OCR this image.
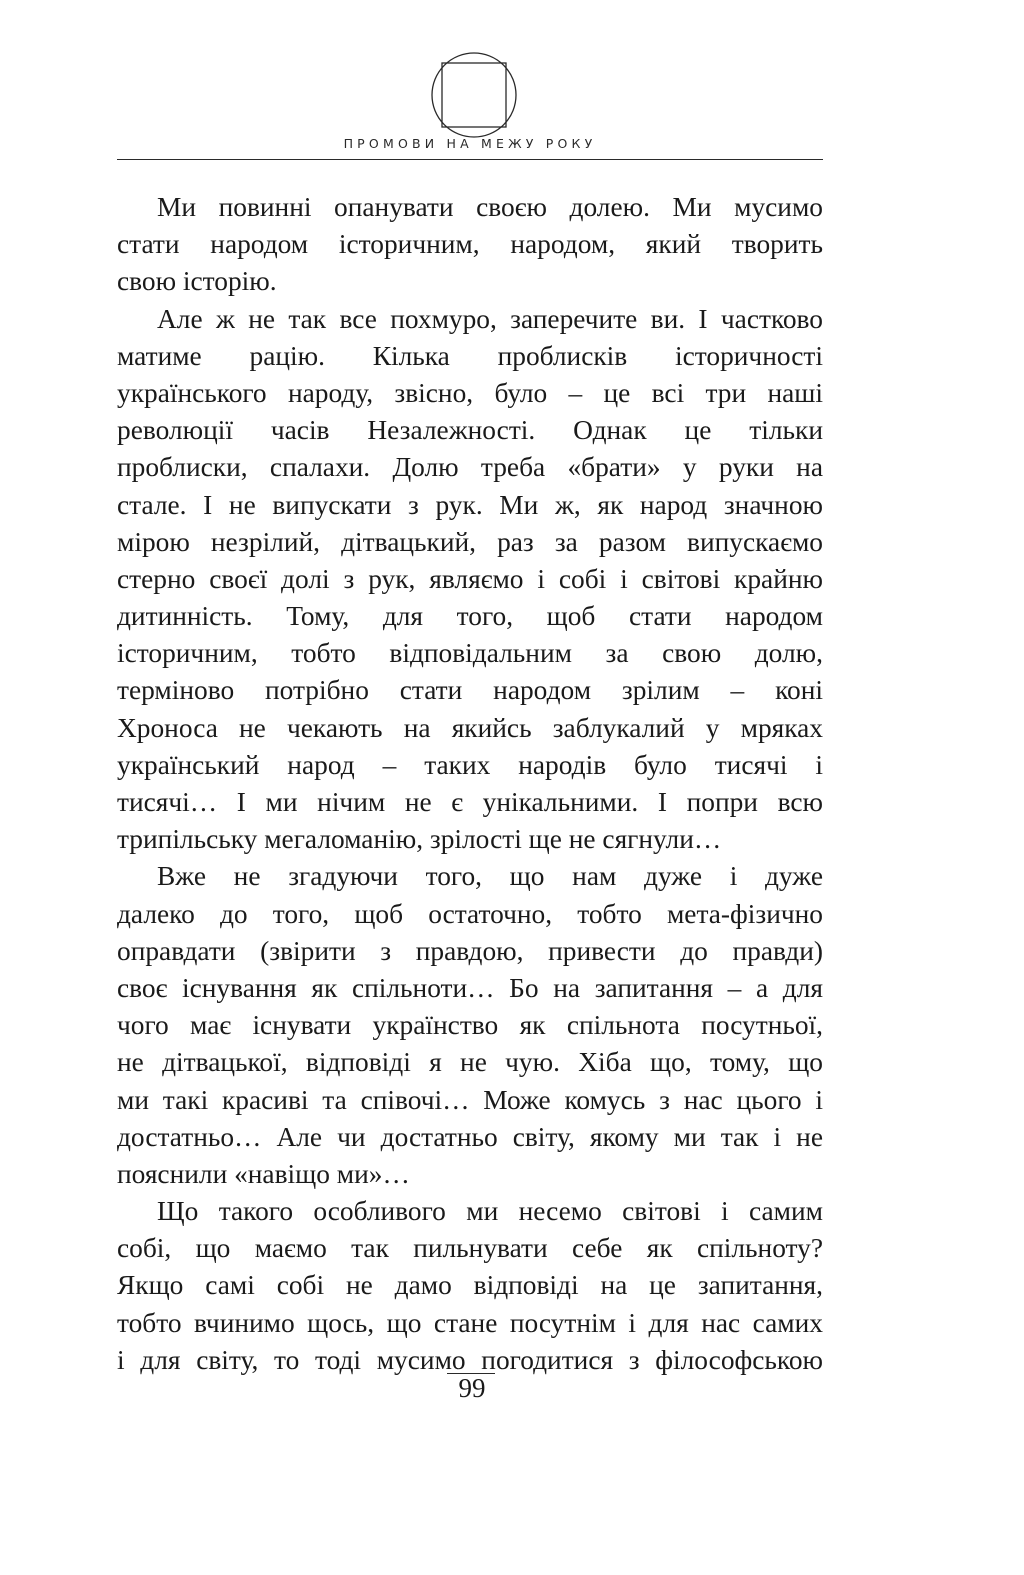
ПРОМОВИ НА МЕЖУ РОКУ
Ми повинні опанувати своєю долею. Ми мусимо
стати народом історичним, народом, який творить
свою історію.
Але ж не так все похмуро, заперечите ви. І частково
матиме рацію. Кілька проблисків історичності
українського народу, звісно, було – це всі три наші
революції часів Незалежності. Однак це тільки
проблиски, спалахи. Долю треба «брати» у руки на
сталe. І не випускати з рук. Ми ж, як народ значною
мірою незрілий, дітвацький, раз за разом випускаємо
стерно своєї долі з рук, являємо і собі і світові крайню
дитинність. Тому, для того, щоб стати народом
історичним, тобто відповідальним за свою долю,
терміново потрібно стати народом зрілим – коні
Хроноса не чекають на якийсь заблукалий у мряках
український народ – таких народів було тисячі і
тисячі… І ми нічим не є унікальними. І попри всю
трипільську мегаломанію, зрілості ще не сягнули…
Вже не згадуючи того, що нам дуже і дуже
далеко до того, щоб остаточно, тобто мета-фізично
оправдати (звірити з правдою, привести до правди)
своє існування як спільноти… Бо на запитання – а для
чого має існувати українство як спільнота посутньої,
не дітвацької, відповіді я не чую. Хіба що, тому, що
ми такі красиві та співочі… Може комусь з нас цього і
достатньо… Але чи достатньо світу, якому ми так і не
пояснили «навіщо ми»…
Що такого особливого ми несемо світові і самим
собі, що маємо так пильнувати себе як спільноту?
Якщо самі собі не дамо відповіді на це запитання,
тобто вчинимо щось, що стане посутнім і для нас самих
і для світу, то тоді мусимо погодитися з філософською
99
